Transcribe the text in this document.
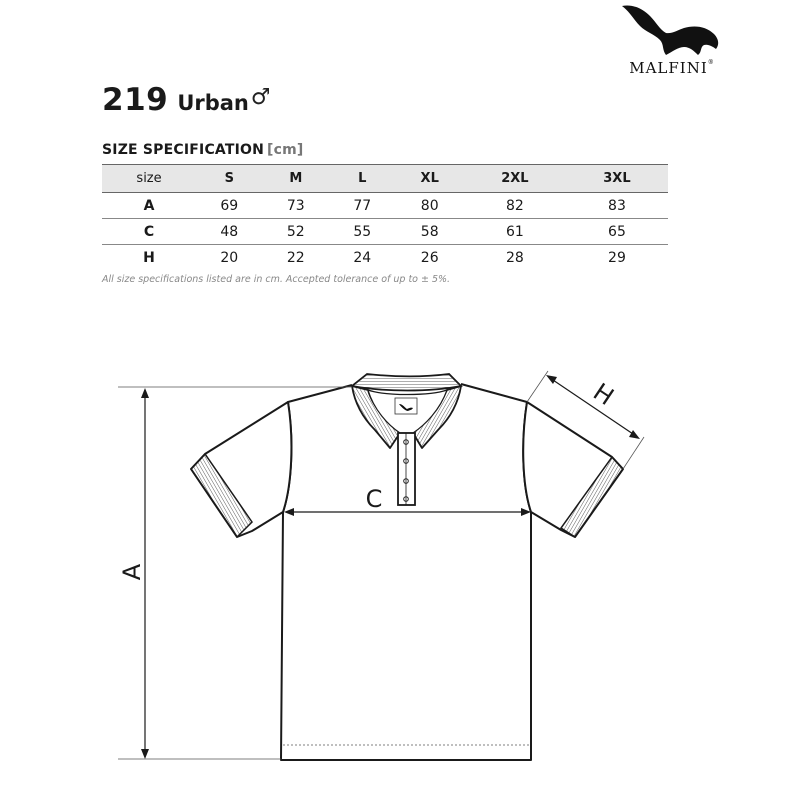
MALFINI®
219 Urban♂
SIZE SPECIFICATION [cm]
size	S	M	L	XL	2XL	3XL
A	69	73	77	80	82	83
C	48	52	55	58	61	65
H	20	22	24	26	28	29
All size specifications listed are in cm. Accepted tolerance of up to ± 5%.
A
C
H
